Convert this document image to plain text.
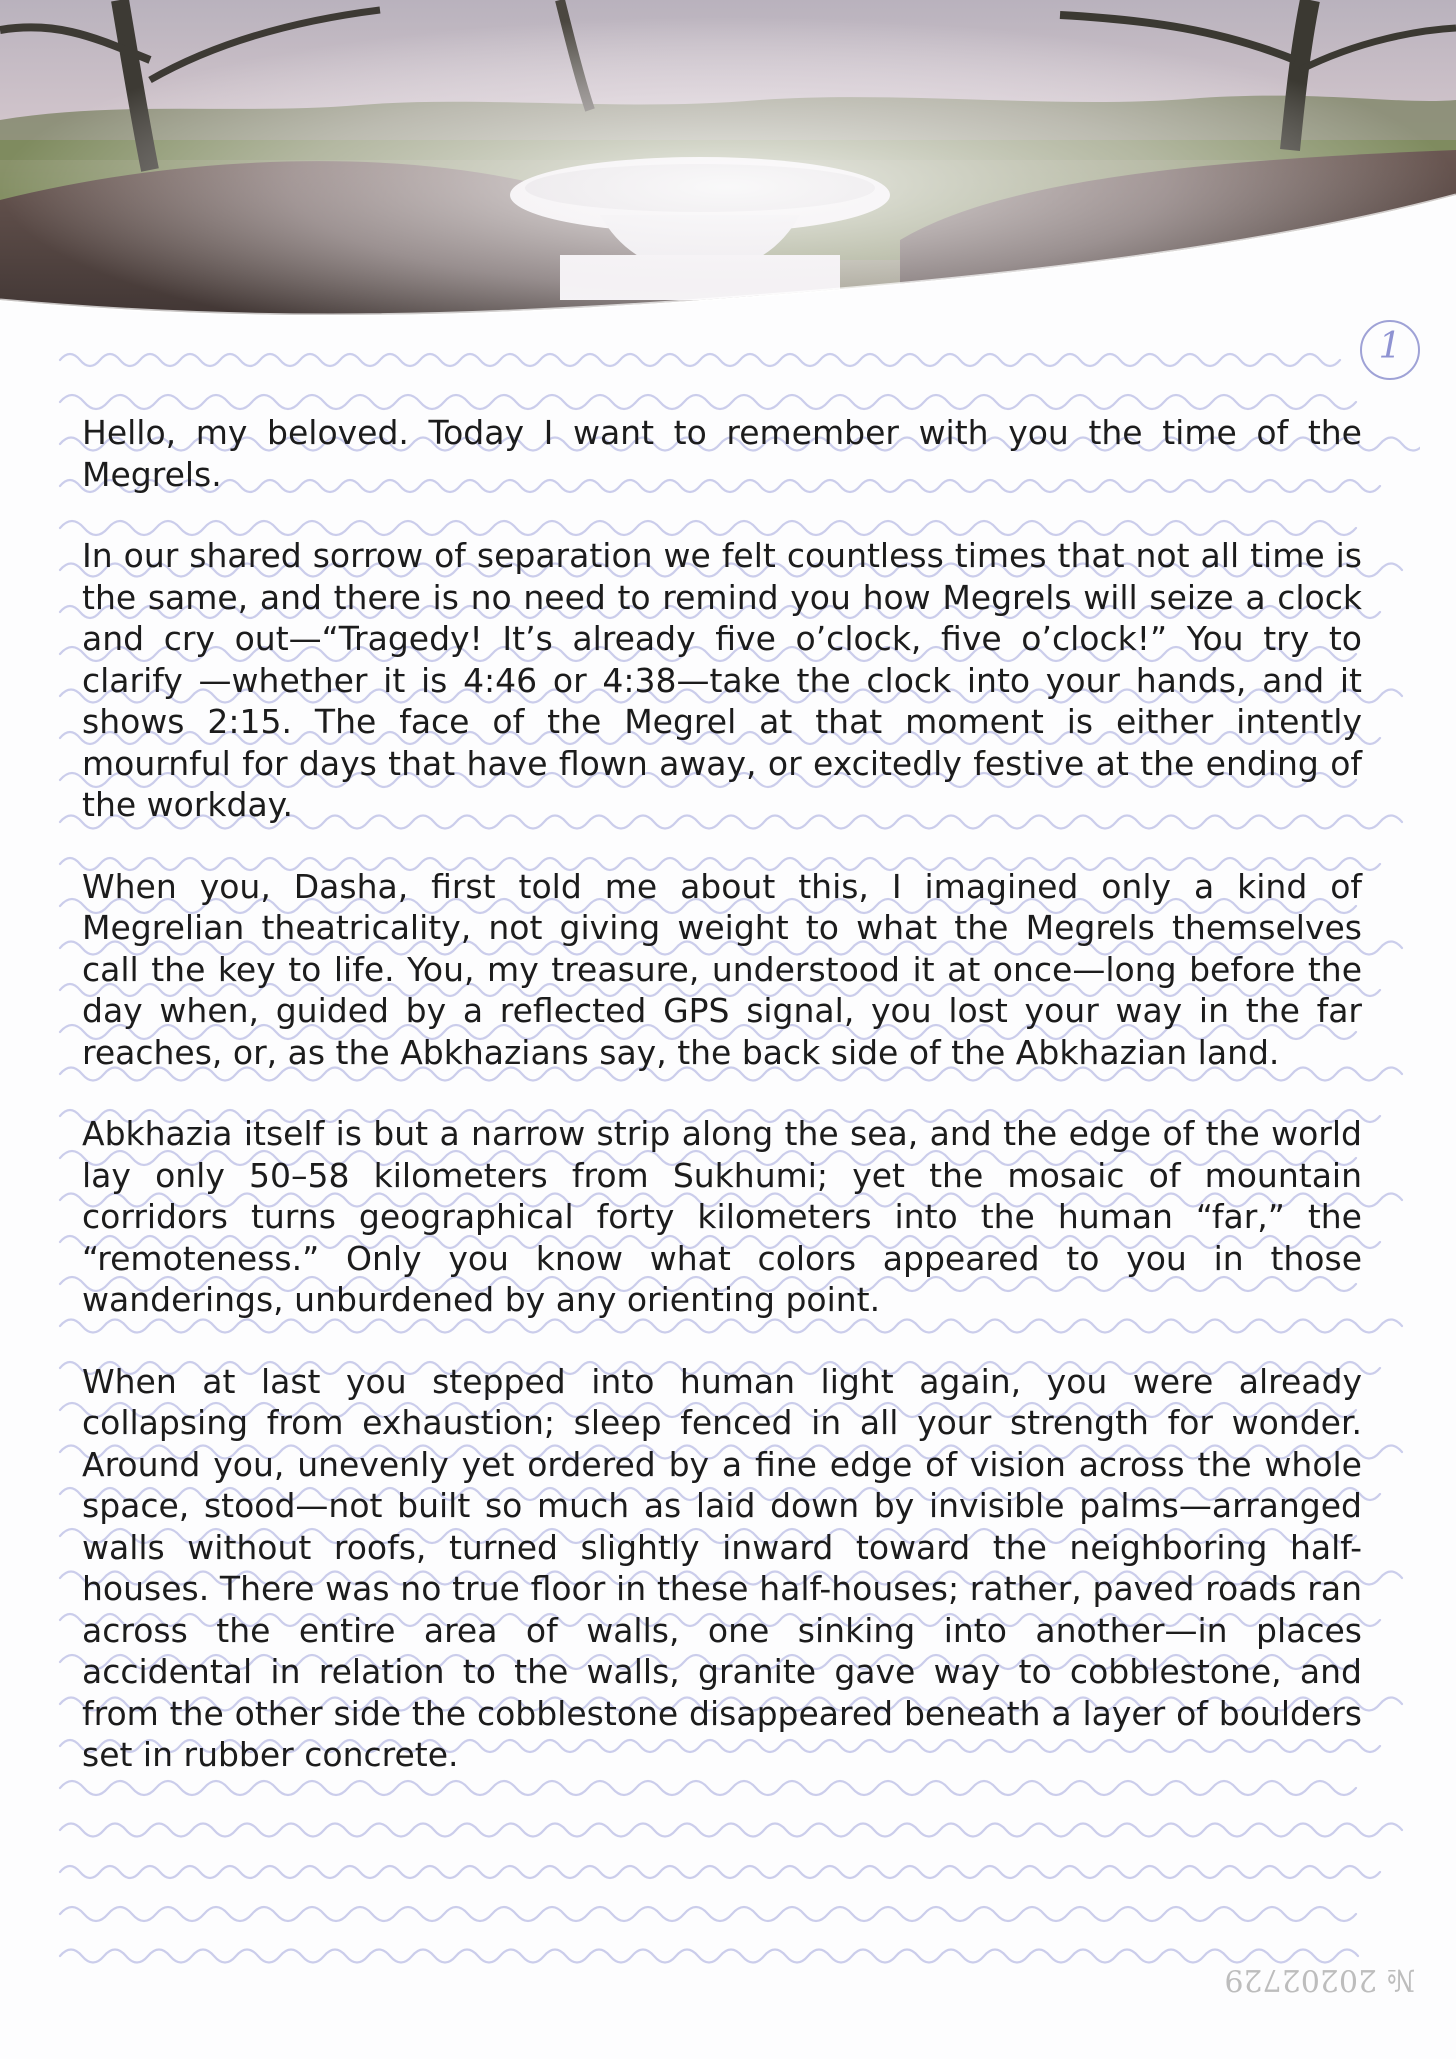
1

Hello, my beloved. Today I want to remember with you the time of the Megrels.

In our shared sorrow of separation we felt countless times that not all time is the same, and there is no need to remind you how Megrels will seize a clock and cry out—“Tragedy! It’s already five o’clock, five o’clock!” You try to clarify —whether it is 4:46 or 4:38—take the clock into your hands, and it shows 2:15. The face of the Megrel at that moment is either intently mournful for days that have flown away, or excitedly festive at the ending of the workday.

When you, Dasha, first told me about this, I imagined only a kind of Megrelian theatricality, not giving weight to what the Megrels themselves call the key to life. You, my treasure, understood it at once—long before the day when, guided by a reflected GPS signal, you lost your way in the far reaches, or, as the Abkhazians say, the back side of the Abkhazian land.

Abkhazia itself is but a narrow strip along the sea, and the edge of the world lay only 50–58 kilometers from Sukhumi; yet the mosaic of mountain corridors turns geographical forty kilometers into the human “far,” the “remoteness.” Only you know what colors appeared to you in those wanderings, unburdened by any orienting point.

When at last you stepped into human light again, you were already collapsing from exhaustion; sleep fenced in all your strength for wonder. Around you, unevenly yet ordered by a fine edge of vision across the whole space, stood—not built so much as laid down by invisible palms—arranged walls without roofs, turned slightly inward toward the neighboring half-houses. There was no true floor in these half-houses; rather, paved roads ran across the entire area of walls, one sinking into another—in places accidental in relation to the walls, granite gave way to cobblestone, and from the other side the cobblestone disappeared beneath a layer of boulders set in rubber concrete.

№ 20202729
